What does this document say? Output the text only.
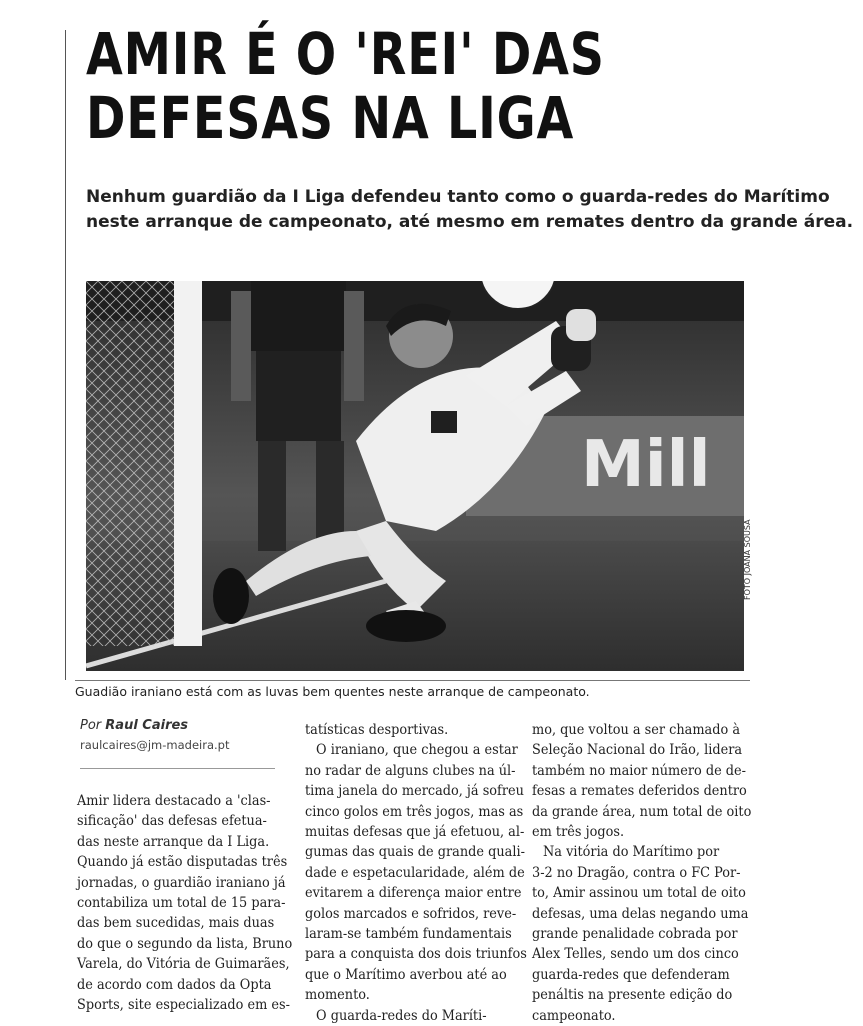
AMIR É O 'REI' DAS
DEFESAS NA LIGA

Nenhum guardião da I Liga defendeu tanto como o guarda-redes do Marítimo
neste arranque de campeonato, até mesmo em remates dentro da grande área.

Mill
FOTO JOANA SOUSA

Guadião iraniano está com as luvas bem quentes neste arranque de campeonato.

Por Raul Caires
raulcaires@jm-madeira.pt
Amir lidera destacado a 'clas-
sificação' das defesas efetua-
das neste arranque da I Liga.
Quando já estão disputadas três
jornadas, o guardião iraniano já
contabiliza um total de 15 para-
das bem sucedidas, mais duas
do que o segundo da lista, Bruno
Varela, do Vitória de Guimarães,
de acordo com dados da Opta
Sports, site especializado em es-
tatísticas desportivas.
O iraniano, que chegou a estar
no radar de alguns clubes na úl-
tima janela do mercado, já sofreu
cinco golos em três jogos, mas as
muitas defesas que já efetuou, al-
gumas das quais de grande quali-
dade e espetacularidade, além de
evitarem a diferença maior entre
golos marcados e sofridos, reve-
laram-se também fundamentais
para a conquista dos dois triunfos
que o Marítimo averbou até ao
momento.
O guarda-redes do Maríti-
mo, que voltou a ser chamado à
Seleção Nacional do Irão, lidera
também no maior número de de-
fesas a remates deferidos dentro
da grande área, num total de oito
em três jogos.
Na vitória do Marítimo por
3-2 no Dragão, contra o FC Por-
to, Amir assinou um total de oito
defesas, uma delas negando uma
grande penalidade cobrada por
Alex Telles, sendo um dos cinco
guarda-redes que defenderam
penáltis na presente edição do
campeonato.
